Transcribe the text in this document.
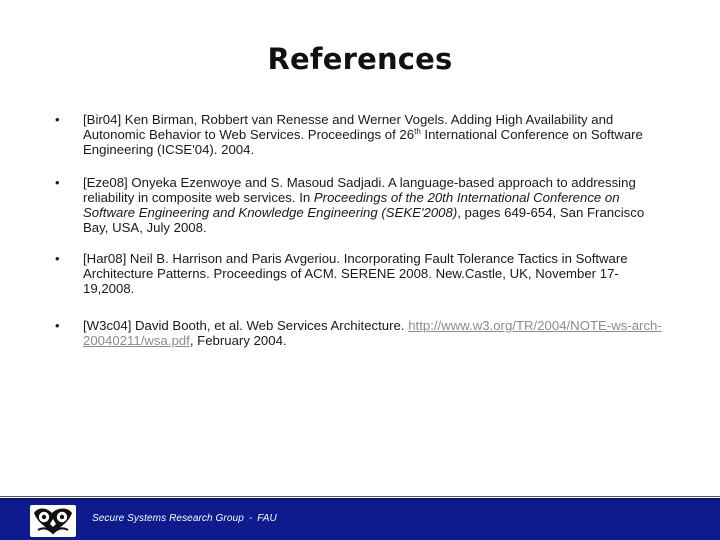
References
•	[Bir04] Ken Birman, Robbert van Renesse and Werner Vogels. Adding High Availability and Autonomic Behavior to Web Services. Proceedings of 26th International Conference on Software Engineering (ICSE'04). 2004.
•	[Eze08] Onyeka Ezenwoye and S. Masoud Sadjadi. A language-based approach to addressing reliability in composite web services. In Proceedings of the 20th International Conference on Software Engineering and Knowledge Engineering (SEKE'2008), pages 649-654, San Francisco Bay, USA, July 2008.
•	[Har08] Neil B. Harrison and Paris Avgeriou. Incorporating Fault Tolerance Tactics in Software Architecture Patterns. Proceedings of ACM. SERENE 2008. New.Castle, UK, November 17-19,2008.
•	[W3c04] David Booth, et al. Web Services Architecture. http://www.w3.org/TR/2004/NOTE-ws-arch-20040211/wsa.pdf, February 2004.
Secure Systems Research Group - FAU
